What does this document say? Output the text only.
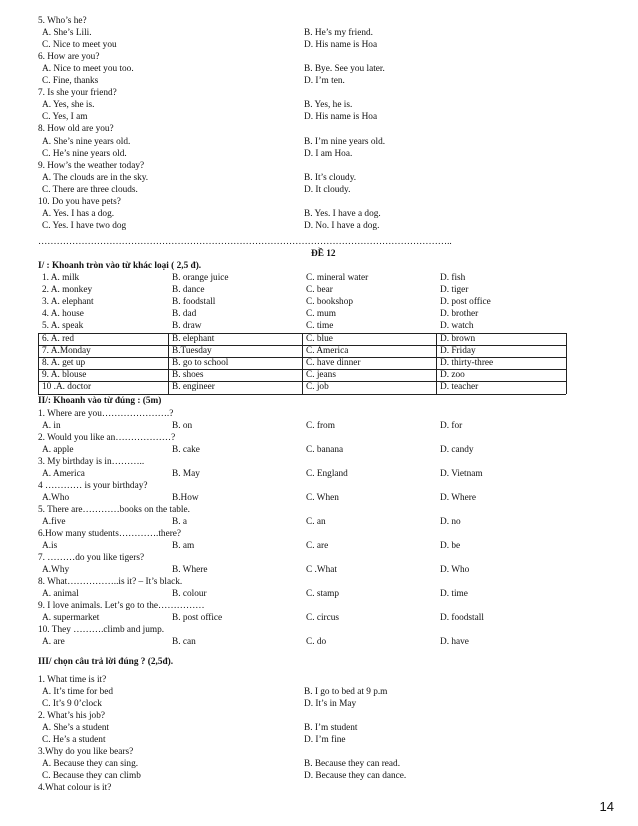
5. Who’s he?
A. She’s Lili.	B. He’s my friend.
C. Nice to meet you	D. His name is Hoa
6. How are you?
A. Nice to meet you too.	B. Bye. See you later.
C. Fine, thanks	D. I’m ten.
7. Is she your friend?
A. Yes, she is.	B. Yes, he is.
C. Yes, I am	D. His name is Hoa
8. How old are you?
A. She’s nine years old.	B. I’m nine years old.
C. He’s nine years old.	D. I am Hoa.
9. How’s the weather today?
A. The clouds are in the sky.	B. It’s cloudy.
C. There are three clouds.	D. It cloudy.
10. Do you have pets?
A. Yes. I has a dog.	B. Yes. I have a dog.
C. Yes. I have two dog	D. No. I have a dog.
……………………………………………………………………………………………………………………..
ĐỀ 12
I/ : Khoanh tròn vào từ khác loại ( 2,5 đ).
1. A. milk	B. orange juice	C. mineral water	D. fish
2. A. monkey	B. dance	C. bear	D. tiger
3. A. elephant	B. foodstall	C. bookshop	D. post office
4. A. house	B. dad	C. mum	D. brother
5. A. speak	B. draw	C. time	D. watch
6. A. red	B. elephant	C. blue	D. brown
7. A.Monday	B.Tuesday	C. America	D. Friday
8. A. get up	B. go to school	C. have dinner	D. thirty-three
9. A. blouse	B. shoes	C. jeans	D. zoo
10 .A. doctor	B. engineer	C. job	D. teacher
II/: Khoanh vào từ đúng : (5m)
1. Where are you………………….?
A. in	B. on	C. from	D. for
2. Would you like an………………?
A. apple	B. cake	C. banana	D. candy
3. My birthday is in………..
A. America	B. May	C. England	D. Vietnam
4 ………… is your birthday?
A.Who	B.How	C. When	D. Where
5. There are…………books on the table.
A.five	B. a	C. an	D. no
6.How many students………….there?
A.is	B. am	C. are	D. be
7. ………do you like tigers?
A.Why	B. Where	C .What	D. Who
8. What……………..is it? – It’s black.
A. animal	B. colour	C. stamp	D. time
9. I love animals. Let’s go to the……………
A. supermarket	B. post office	C. circus	D. foodstall
10. They ……….climb and jump.
A. are	B. can	C. do	D. have
III/ chọn câu trả lời đúng ? (2,5đ).
1. What time is it?
A. It’s time for bed	B. I go to bed at 9 p.m
C. It’s 9 0’clock	D. It’s in May
2. What’s his job?
A. She’s a student	B. I’m student
C. He’s a student	D. I’m fine
3.Why do you like bears?
A. Because they can sing.	B. Because they can read.
C. Because they can climb	D. Because they can dance.
4.What colour is it?
14
